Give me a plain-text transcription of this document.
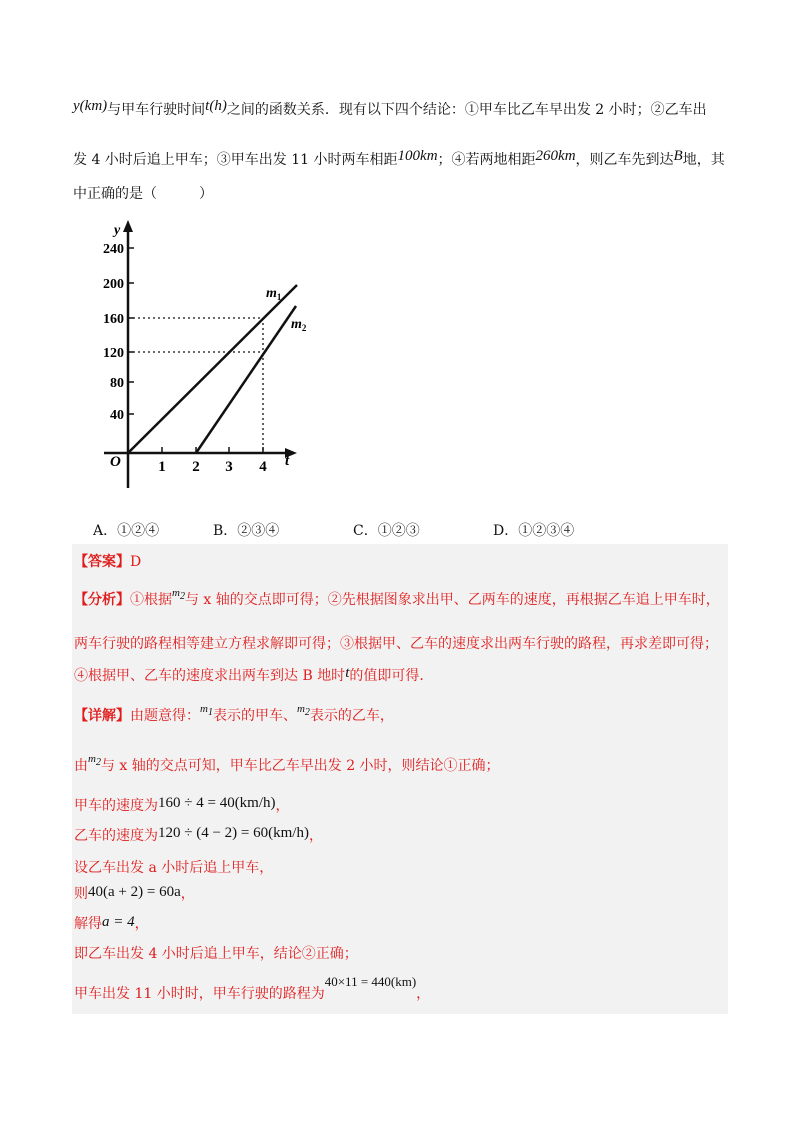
y(km)与甲车行驶时间t(h)之间的函数关系．现有以下四个结论：①甲车比乙车早出发 2 小时；②乙车出
发 4 小时后追上甲车；③甲车出发 11 小时两车相距100km；④若两地相距260km，则乙车先到达B地，其
中正确的是（　　　）
y
t
O
240
200
160
120
80
40
1 2 3 4
$m_1$
$m_2$
A．①②④	B．②③④	C．①②③	D．①②③④
【答案】D
【分析】①根据$^{m2}$与 x 轴的交点即可得；②先根据图象求出甲、乙两车的速度，再根据乙车追上甲车时，
两车行驶的路程相等建立方程求解即可得；③根据甲、乙车的速度求出两车行驶的路程，再求差即可得；
④根据甲、乙车的速度求出两车到达 B 地时t的值即可得.
【详解】由题意得：$^{m1}$表示的甲车、$^{m2}$表示的乙车，
由$^{m2}$与 x 轴的交点可知，甲车比乙车早出发 2 小时，则结论①正确；
甲车的速度为160 ÷ 4 = 40(km/h)，
乙车的速度为120 ÷ (4 − 2) = 60(km/h)，
设乙车出发 a 小时后追上甲车，
则40(a + 2) = 60a，
解得a = 4，
即乙车出发 4 小时后追上甲车，结论②正确；
甲车出发 11 小时时，甲车行驶的路程为40×11 = 440(km)，
